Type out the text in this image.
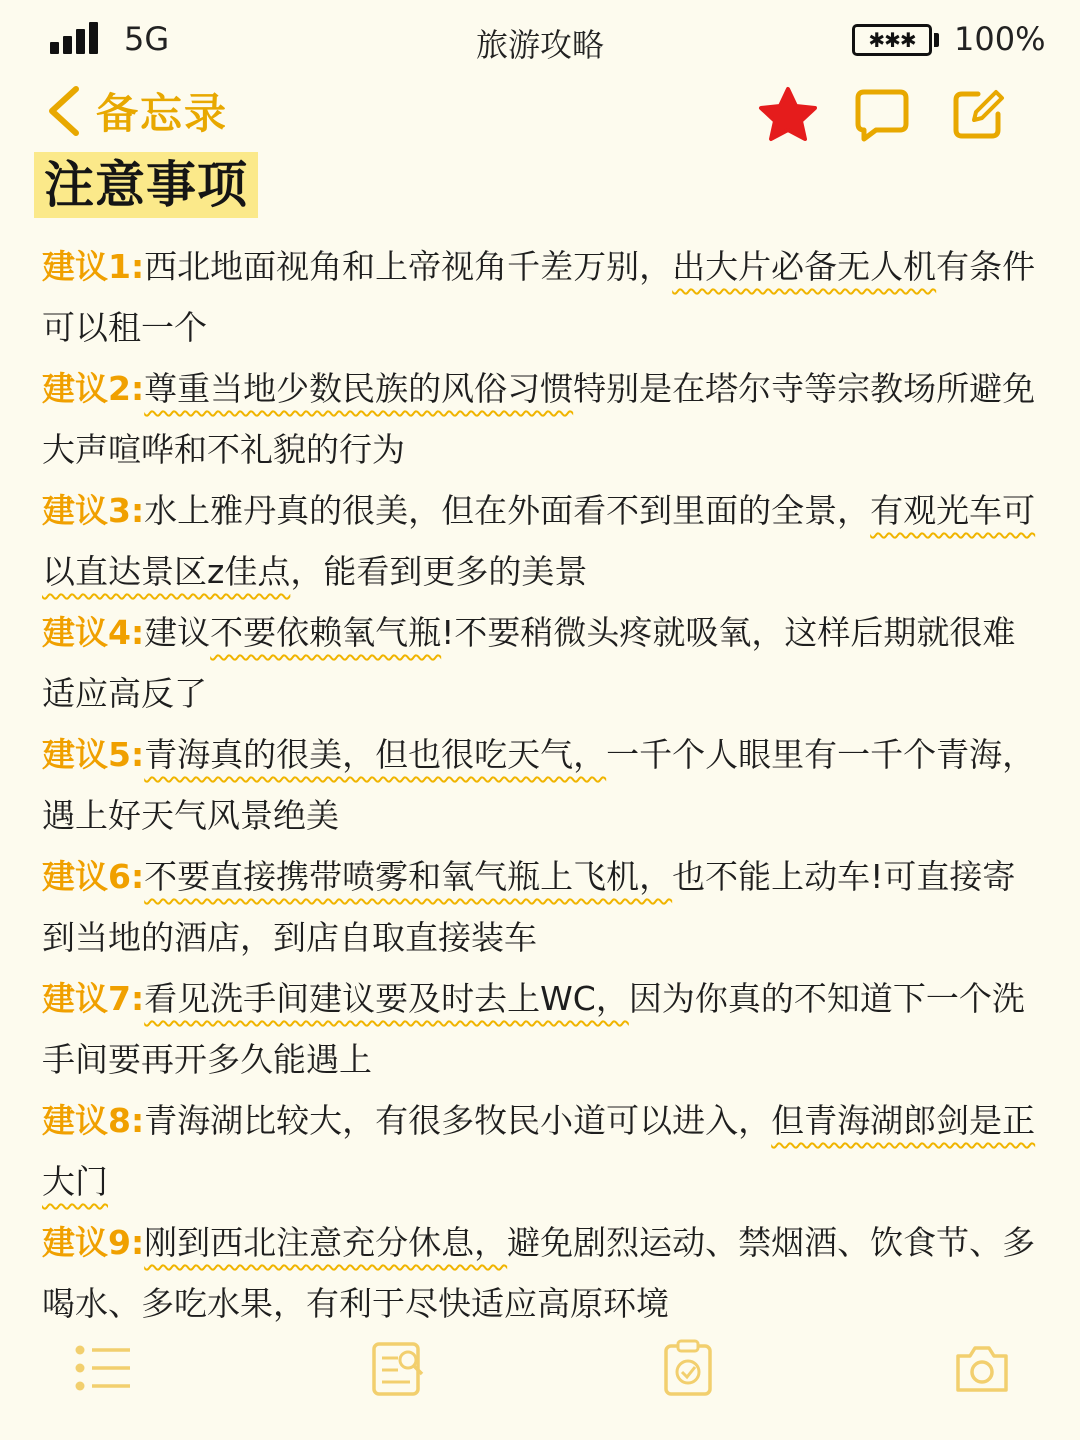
5G	旅游攻略	✱✱✱ 100%
备忘录
注意事项
建议1:西北地面视角和上帝视角千差万别，出大片必备无人机有条件可以租一个
建议2:尊重当地少数民族的风俗习惯特别是在塔尔寺等宗教场所避免大声喧哗和不礼貌的行为
建议3:水上雅丹真的很美，但在外面看不到里面的全景，有观光车可以直达景区z佳点，能看到更多的美景
建议4:建议不要依赖氧气瓶!不要稍微头疼就吸氧，这样后期就很难适应高反了
建议5:青海真的很美，但也很吃天气，一千个人眼里有一千个青海，遇上好天气风景绝美
建议6:不要直接携带喷雾和氧气瓶上飞机，也不能上动车!可直接寄到当地的酒店，到店自取直接装车
建议7:看见洗手间建议要及时去上WC，因为你真的不知道下一个洗手间要再开多久能遇上
建议8:青海湖比较大，有很多牧民小道可以进入，但青海湖郎剑是正大门
建议9:刚到西北注意充分休息，避免剧烈运动、禁烟酒、饮食节、多喝水、多吃水果，有利于尽快适应高原环境
